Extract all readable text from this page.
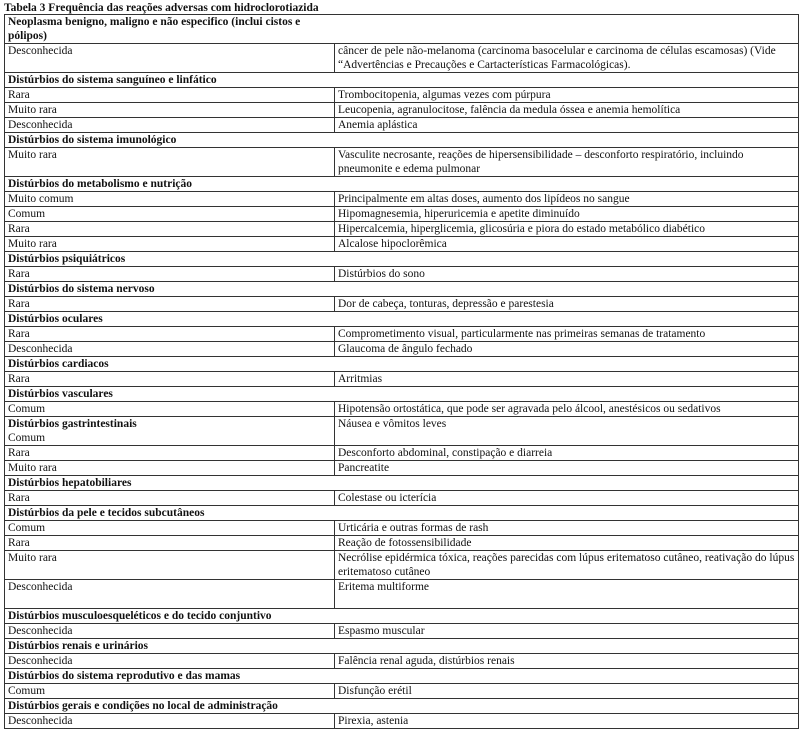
Tabela 3 Frequência das reações adversas com hidroclorotiazida
Neoplasma benigno, maligno e não especifico (inclui cistos e pólipos)	
Desconhecida	câncer de pele não-melanoma (carcinoma basocelular e carcinoma de células escamosas) (Vide “Advertências e Precauções e Cartacterísticas Farmacológicas).
Distúrbios do sistema sanguíneo e linfático	
Rara	Trombocitopenia, algumas vezes com púrpura
Muito rara	Leucopenia, agranulocitose, falência da medula óssea e anemia hemolítica
Desconhecida	Anemia aplástica
Distúrbios do sistema imunológico	
Muito rara	Vasculite necrosante, reações de hipersensibilidade – desconforto respiratório, incluindo pneumonite e edema pulmonar
Distúrbios do metabolismo e nutrição	
Muito comum	Principalmente em altas doses, aumento dos lipídeos no sangue
Comum	Hipomagnesemia, hiperuricemia e apetite diminuído
Rara	Hipercalcemia, hiperglicemia, glicosúria e piora do estado metabólico diabético
Muito rara	Alcalose hipoclorêmica
Distúrbios psiquiátricos	
Rara	Distúrbios do sono
Distúrbios do sistema nervoso	
Rara	Dor de cabeça, tonturas, depressão e parestesia
Distúrbios oculares	
Rara	Comprometimento visual, particularmente nas primeiras semanas de tratamento
Desconhecida	Glaucoma de ângulo fechado
Distúrbios cardiacos	
Rara	Arritmias
Distúrbios vasculares	
Comum	Hipotensão ortostática, que pode ser agravada pelo álcool, anestésicos ou sedativos

Distúrbios gastrintestinais
Comum	Náusea e vômitos leves
Rara	Desconforto abdominal, constipação e diarreia
Muito rara	Pancreatite
Distúrbios hepatobiliares	
Rara	Colestase ou icterícia
Distúrbios da pele e tecidos subcutâneos	
Comum	Urticária e outras formas de rash
Rara	Reação de fotossensibilidade
Muito rara	Necrólise epidérmica tóxica, reações parecidas com lúpus eritematoso cutâneo, reativação do lúpus eritematoso cutâneo
Desconhecida	Eritema multiforme
Distúrbios musculoesqueléticos e do tecido conjuntivo	
Desconhecida	Espasmo muscular
Distúrbios renais e urinários	
Desconhecida	Falência renal aguda, distúrbios renais
Distúrbios do sistema reprodutivo e das mamas	
Comum	Disfunção erétil
Distúrbios gerais e condições no local de administração	
Desconhecida	Pirexia, astenia
